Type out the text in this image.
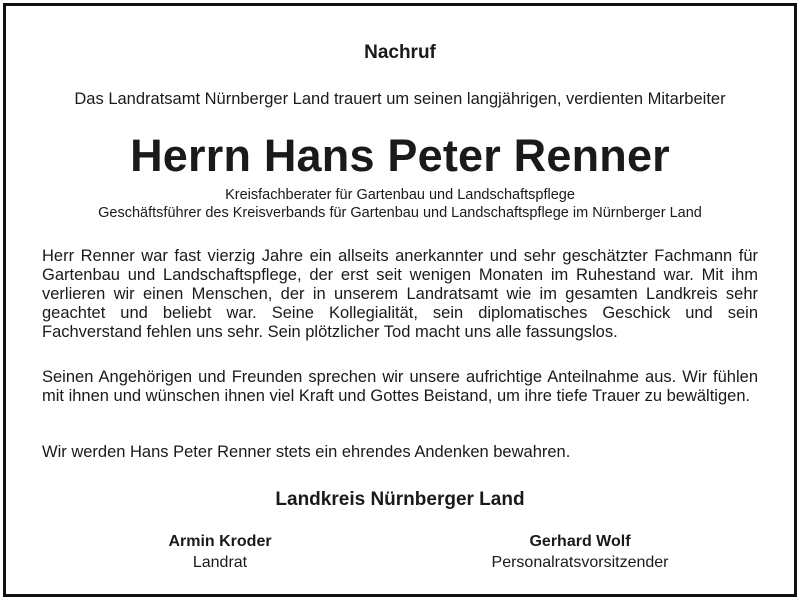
Nachruf
Das Landratsamt Nürnberger Land trauert um seinen langjährigen, verdienten Mitarbeiter
Herrn Hans Peter Renner
Kreisfachberater für Gartenbau und Landschaftspflege
Geschäftsführer des Kreisverbands für Gartenbau und Landschaftspflege im Nürnberger Land
Herr Renner war fast vierzig Jahre ein allseits anerkannter und sehr geschätzter Fachmann für Gartenbau und Landschaftspflege, der erst seit wenigen Monaten im Ruhestand war. Mit ihm verlieren wir einen Menschen, der in unserem Landratsamt wie im gesamten Landkreis sehr geachtet und beliebt war. Seine Kollegialität, sein diplomatisches Geschick und sein Fachverstand fehlen uns sehr. Sein plötzlicher Tod macht uns alle fassungslos.
Seinen Angehörigen und Freunden sprechen wir unsere aufrichtige Anteilnahme aus. Wir fühlen mit ihnen und wünschen ihnen viel Kraft und Gottes Beistand, um ihre tiefe Trauer zu bewältigen.
Wir werden Hans Peter Renner stets ein ehrendes Andenken bewahren.
Landkreis Nürnberger Land
Armin Kroder
Landrat
Gerhard Wolf
Personalratsvorsitzender
